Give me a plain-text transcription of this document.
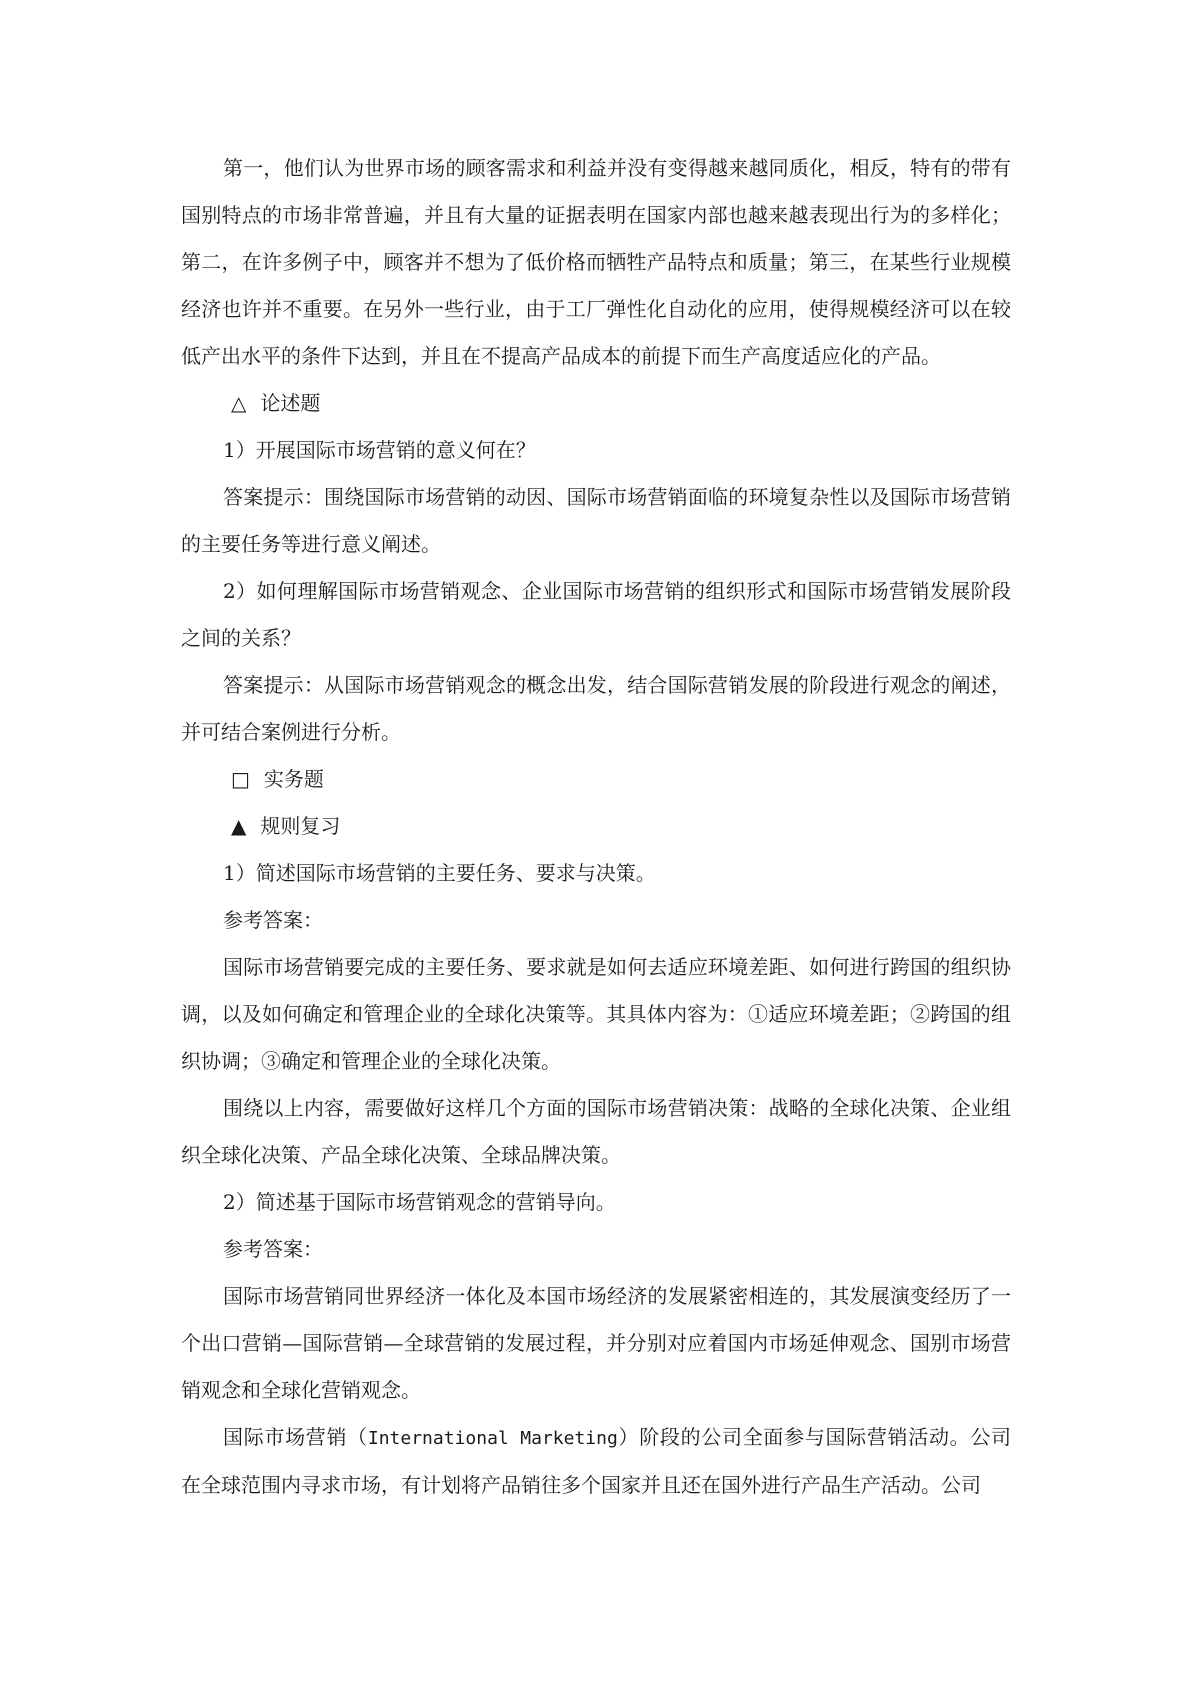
第一，他们认为世界市场的顾客需求和利益并没有变得越来越同质化，相反，特有的带有国别特点的市场非常普遍，并且有大量的证据表明在国家内部也越来越表现出行为的多样化；第二，在许多例子中，顾客并不想为了低价格而牺牲产品特点和质量；第三，在某些行业规模经济也许并不重要。在另外一些行业，由于工厂弹性化自动化的应用，使得规模经济可以在较低产出水平的条件下达到，并且在不提高产品成本的前提下而生产高度适应化的产品。

△ 论述题

1）开展国际市场营销的意义何在？

答案提示：围绕国际市场营销的动因、国际市场营销面临的环境复杂性以及国际市场营销的主要任务等进行意义阐述。

2）如何理解国际市场营销观念、企业国际市场营销的组织形式和国际市场营销发展阶段之间的关系？

答案提示：从国际市场营销观念的概念出发，结合国际营销发展的阶段进行观念的阐述，并可结合案例进行分析。

□ 实务题
▲ 规则复习

1）简述国际市场营销的主要任务、要求与决策。

参考答案：

国际市场营销要完成的主要任务、要求就是如何去适应环境差距、如何进行跨国的组织协调，以及如何确定和管理企业的全球化决策等。其具体内容为：①适应环境差距；②跨国的组织协调；③确定和管理企业的全球化决策。

围绕以上内容，需要做好这样几个方面的国际市场营销决策：战略的全球化决策、企业组织全球化决策、产品全球化决策、全球品牌决策。

2）简述基于国际市场营销观念的营销导向。

参考答案：

国际市场营销同世界经济一体化及本国市场经济的发展紧密相连的，其发展演变经历了一个出口营销—国际营销—全球营销的发展过程，并分别对应着国内市场延伸观念、国别市场营销观念和全球化营销观念。

国际市场营销（International Marketing）阶段的公司全面参与国际营销活动。公司在全球范围内寻求市场，有计划将产品销往多个国家并且还在国外进行产品生产活动。公司
